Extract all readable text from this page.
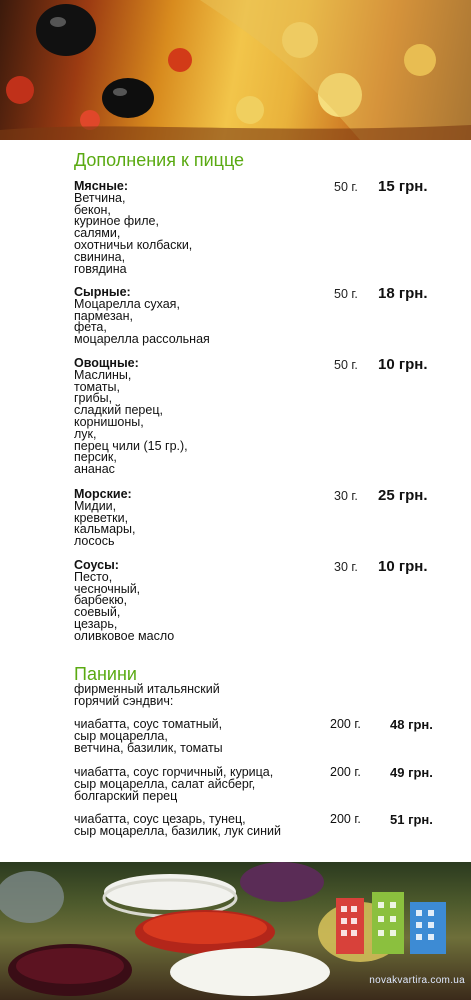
Дополнения к пицце
Мясные:
Ветчина,
бекон,
куриное филе,
салями,
охотничьи колбаски,
свинина,
говядина
50 г. 15 грн.
Сырные:
Моцарелла сухая,
пармезан,
фета,
моцарелла рассольная
50 г. 18 грн.
Овощные:
Маслины,
томаты,
грибы,
сладкий перец,
корнишоны,
лук,
перец чили (15 гр.),
персик,
ананас
50 г. 10 грн.
Морские:
Мидии,
креветки,
кальмары,
лосось
30 г. 25 грн.
Соусы:
Песто,
чесночный,
барбекю,
соевый,
цезарь,
оливковое масло
30 г. 10 грн.
Панини
фирменный итальянский
горячий сэндвич:
чиабатта, соус томатный,
сыр моцарелла,
ветчина, базилик, томаты
200 г. 48 грн.
чиабатта, соус горчичный, курица,
сыр моцарелла, салат айсберг,
болгарский перец
200 г. 49 грн.
чиабатта, соус цезарь, тунец,
сыр моцарелла, базилик, лук синий
200 г. 51 грн.
novakvartira.com.ua
